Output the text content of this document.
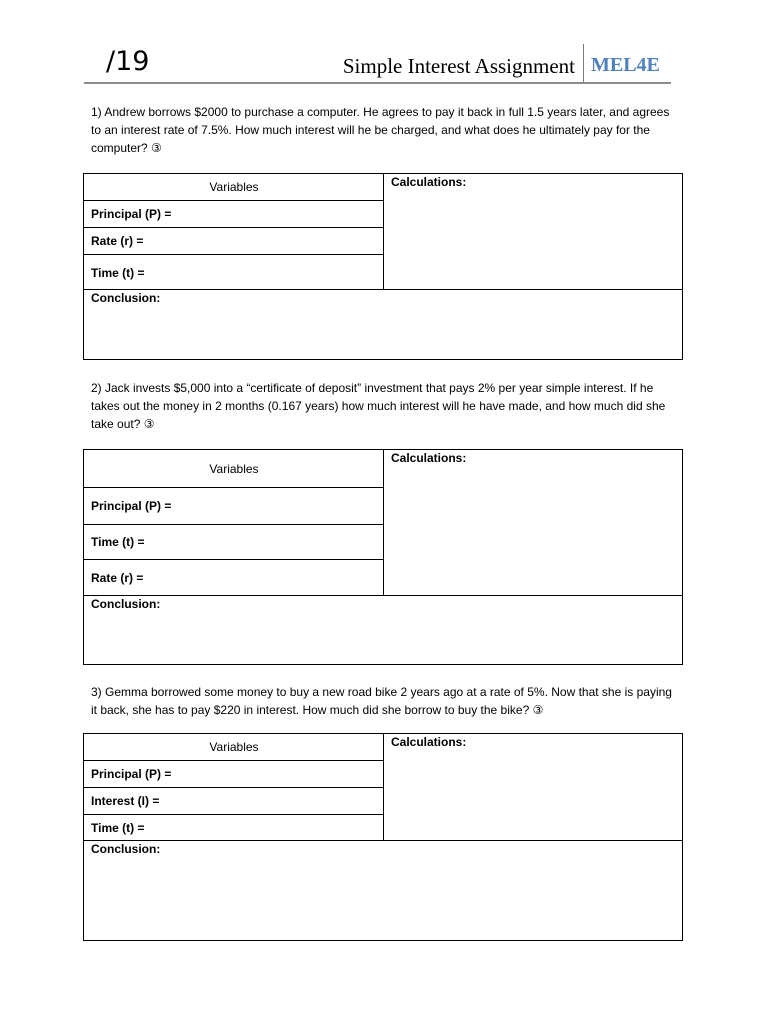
/19	Simple Interest Assignment MEL4E
1) Andrew borrows $2000 to purchase a computer. He agrees to pay it back in full 1.5 years later, and agrees to an interest rate of 7.5%. How much interest will he be charged, and what does he ultimately pay for the computer? ③
Variables
Principal (P) =
Rate (r) =
Time (t) =
Calculations:
Conclusion:
2) Jack invests $5,000 into a “certificate of deposit” investment that pays 2% per year simple interest. If he takes out the money in 2 months (0.167 years) how much interest will he have made, and how much did she take out? ③
Variables
Principal (P) =
Time (t) =
Rate (r) =
Calculations:
Conclusion:
3) Gemma borrowed some money to buy a new road bike 2 years ago at a rate of 5%. Now that she is paying it back, she has to pay $220 in interest. How much did she borrow to buy the bike? ③
Variables
Principal (P) =
Interest (I) =
Time (t) =
Calculations:
Conclusion:
